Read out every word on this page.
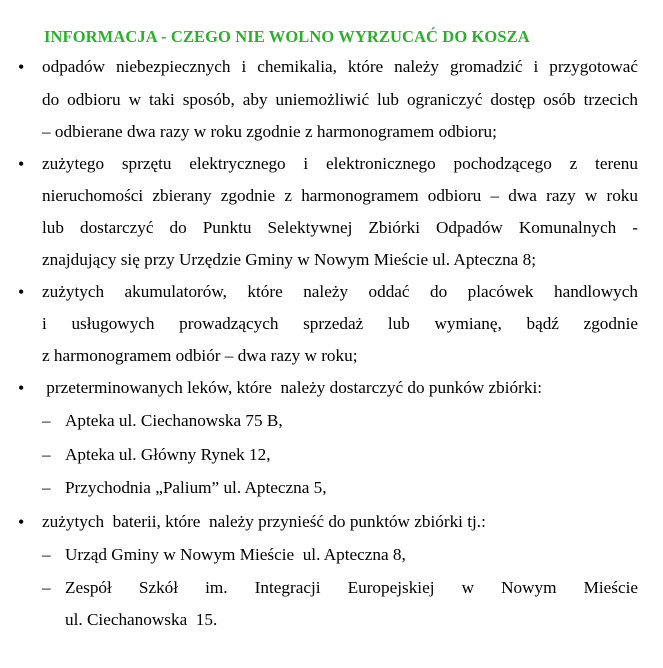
INFORMACJA - CZEGO NIE WOLNO WYRZUCAĆ DO KOSZA
• odpadów niebezpiecznych i chemikalia, które należy gromadzić i przygotować
do odbioru w taki sposób, aby uniemożliwić lub ograniczyć dostęp osób trzecich
– odbierane dwa razy w roku zgodnie z harmonogramem odbioru;
• zużytego sprzętu elektrycznego i elektronicznego pochodzącego z terenu
nieruchomości zbierany zgodnie z harmonogramem odbioru – dwa razy w roku
lub dostarczyć do Punktu Selektywnej Zbiórki Odpadów Komunalnych -
znajdujący się przy Urzędzie Gminy w Nowym Mieście ul. Apteczna 8;
• zużytych akumulatorów, które należy oddać do placówek handlowych
i usługowych prowadzących sprzedaż lub wymianę, bądź zgodnie
z harmonogramem odbiór – dwa razy w roku;
• przeterminowanych leków, które  należy dostarczyć do punków zbiórki:
– Apteka ul. Ciechanowska 75 B,
– Apteka ul. Główny Rynek 12,
– Przychodnia „Palium” ul. Apteczna 5,
• zużytych  baterii, które  należy przynieść do punktów zbiórki tj.:
– Urząd Gminy w Nowym Mieście  ul. Apteczna 8,
– Zespół Szkół im. Integracji Europejskiej w Nowym Mieście
ul. Ciechanowska  15.
